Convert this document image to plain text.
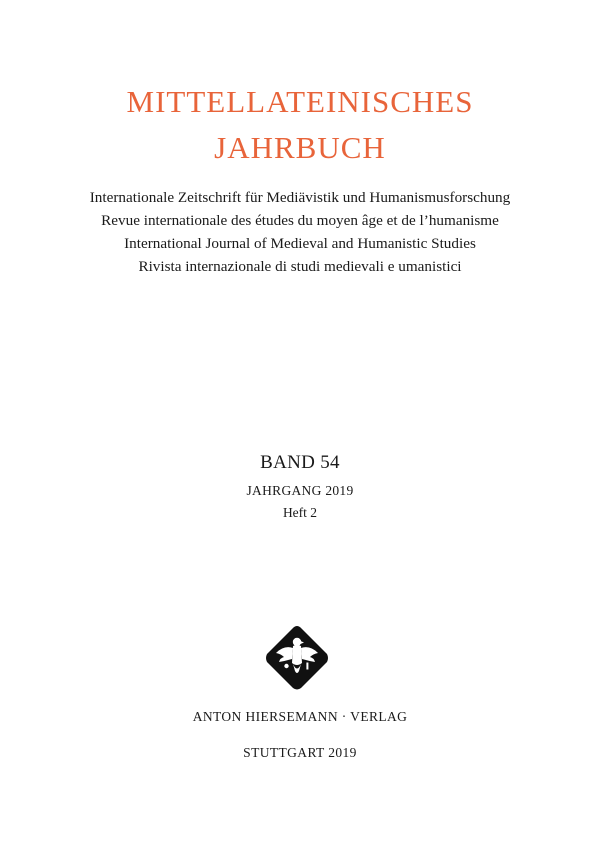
MITTELLATEINISCHES
JAHRBUCH
Internationale Zeitschrift für Mediävistik und Humanismusforschung
Revue internationale des études du moyen âge et de l’humanisme
International Journal of Medieval and Humanistic Studies
Rivista internazionale di studi medievali e umanistici
BAND 54
JAHRGANG 2019
Heft 2
ANTON HIERSEMANN · VERLAG
STUTTGART 2019
